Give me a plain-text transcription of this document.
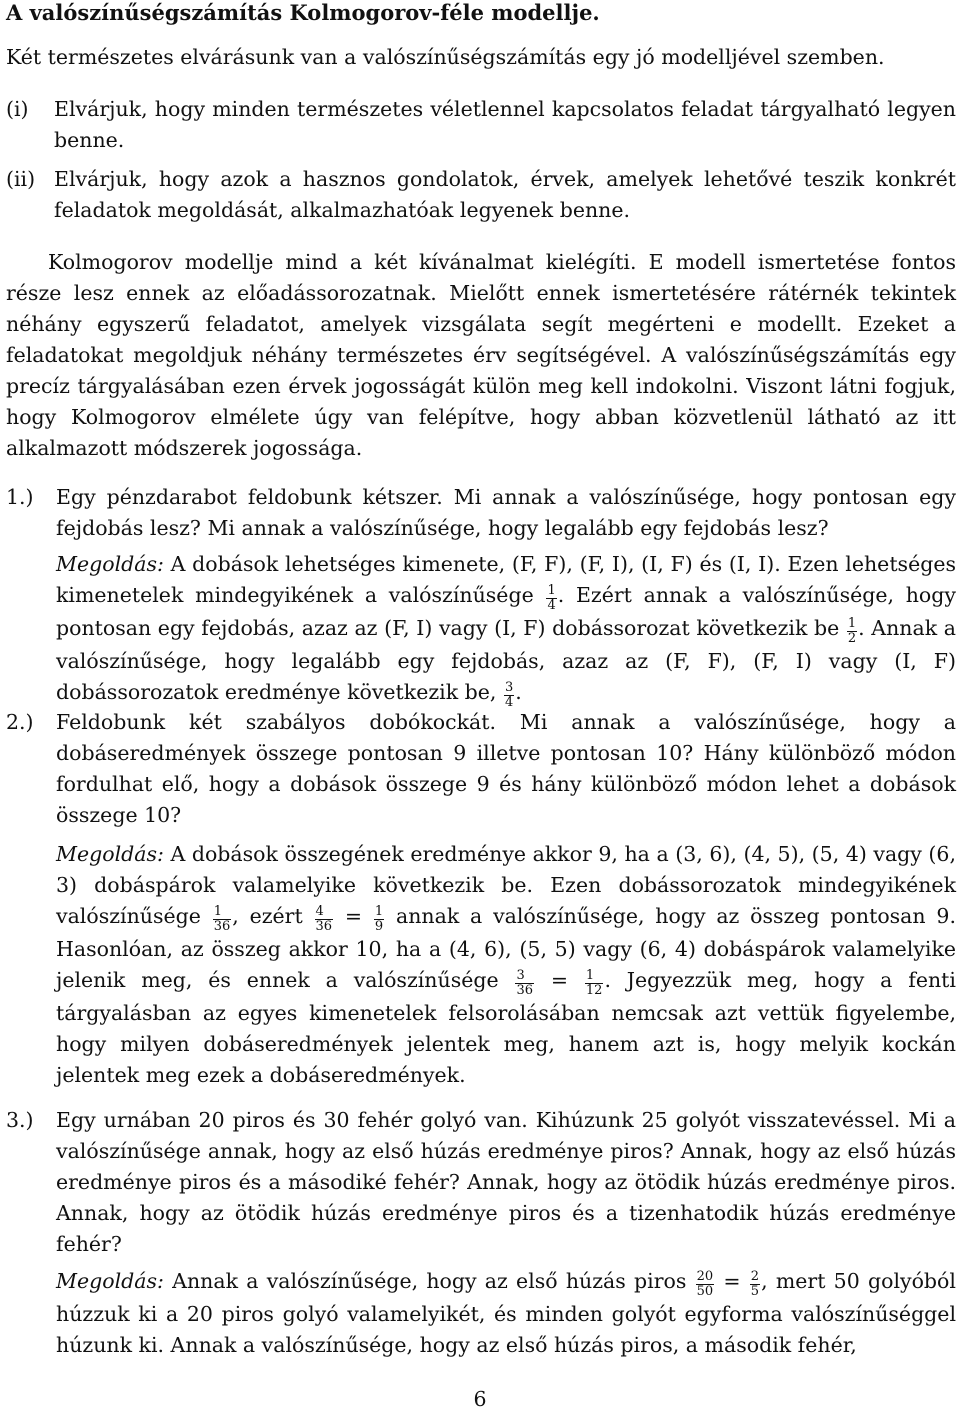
A valószínűségszámítás Kolmogorov-féle modellje.
Két természetes elvárásunk van a valószínűségszámítás egy jó modelljével szemben.
(i) Elvárjuk, hogy minden természetes véletlennel kapcsolatos feladat tárgyalható legyen benne.
(ii) Elvárjuk, hogy azok a hasznos gondolatok, érvek, amelyek lehetővé teszik konkrét feladatok megoldását, alkalmazhatóak legyenek benne.
Kolmogorov modellje mind a két kívánalmat kielégíti. E modell ismertetése fontos része lesz ennek az előadássorozatnak. Mielőtt ennek ismertetésére rátérnék tekintek néhány egyszerű feladatot, amelyek vizsgálata segít megérteni e modellt. Ezeket a feladatokat megoldjuk néhány természetes érv segítségével. A valószínűségszámítás egy precíz tárgyalásában ezen érvek jogosságát külön meg kell indokolni. Viszont látni fogjuk, hogy Kolmogorov elmélete úgy van felépítve, hogy abban közvetlenül látható az itt alkalmazott módszerek jogossága.
1.) Egy pénzdarabot feldobunk kétszer. Mi annak a valószínűsége, hogy pontosan egy fejdobás lesz? Mi annak a valószínűsége, hogy legalább egy fejdobás lesz?
Megoldás: A dobások lehetséges kimenete, (F, F), (F, I), (I, F) és (I, I). Ezen lehetséges kimenetelek mindegyikének a valószínűsége $\frac{1}{4}$ . Ezért annak a valószínűsége, hogy pontosan egy fejdobás, azaz az (F, I) vagy (I, F) dobássorozat következik be $\frac{1}{2}$ . Annak a valószínűsége, hogy legalább egy fejdobás, azaz az (F, F), (F, I) vagy (I, F) dobássorozatok eredménye következik be, $\frac{3}{4}$ .
2.) Feldobunk két szabályos dobókockát. Mi annak a valószínűsége, hogy a dobáseredmények összege pontosan 9 illetve pontosan 10? Hány különböző módon fordulhat elő, hogy a dobások összege 9 és hány különböző módon lehet a dobások összege 10?
Megoldás: A dobások összegének eredménye akkor 9, ha a (3, 6), (4, 5), (5, 4) vagy (6, 3) dobáspárok valamelyike következik be. Ezen dobássorozatok mindegyikének valószínűsége $\frac{1}{36}$ , ezért $\frac{4}{36} = \frac{1}{9}$ annak a valószínűsége, hogy az összeg pontosan 9. Hasonlóan, az összeg akkor 10, ha a (4, 6), (5, 5) vagy (6, 4) dobáspárok valamelyike jelenik meg, és ennek a valószínűsége $\frac{3}{36} = \frac{1}{12}$ . Jegyezzük meg, hogy a fenti tárgyalásban az egyes kimenetelek felsorolásában nemcsak azt vettük figyelembe, hogy milyen dobáseredmények jelentek meg, hanem azt is, hogy melyik kockán jelentek meg ezek a dobáseredmények.
3.) Egy urnában 20 piros és 30 fehér golyó van. Kihúzunk 25 golyót visszatevéssel. Mi a valószínűsége annak, hogy az első húzás eredménye piros? Annak, hogy az első húzás eredménye piros és a másodiké fehér? Annak, hogy az ötödik húzás eredménye piros. Annak, hogy az ötödik húzás eredménye piros és a tizenhatodik húzás eredménye fehér?
Megoldás: Annak a valószínűsége, hogy az első húzás piros $\frac{20}{50} = \frac{2}{5}$ , mert 50 golyóból húzzuk ki a 20 piros golyó valamelyikét, és minden golyót egyforma valószínűséggel húzunk ki. Annak a valószínűsége, hogy az első húzás piros, a második fehér,
6
